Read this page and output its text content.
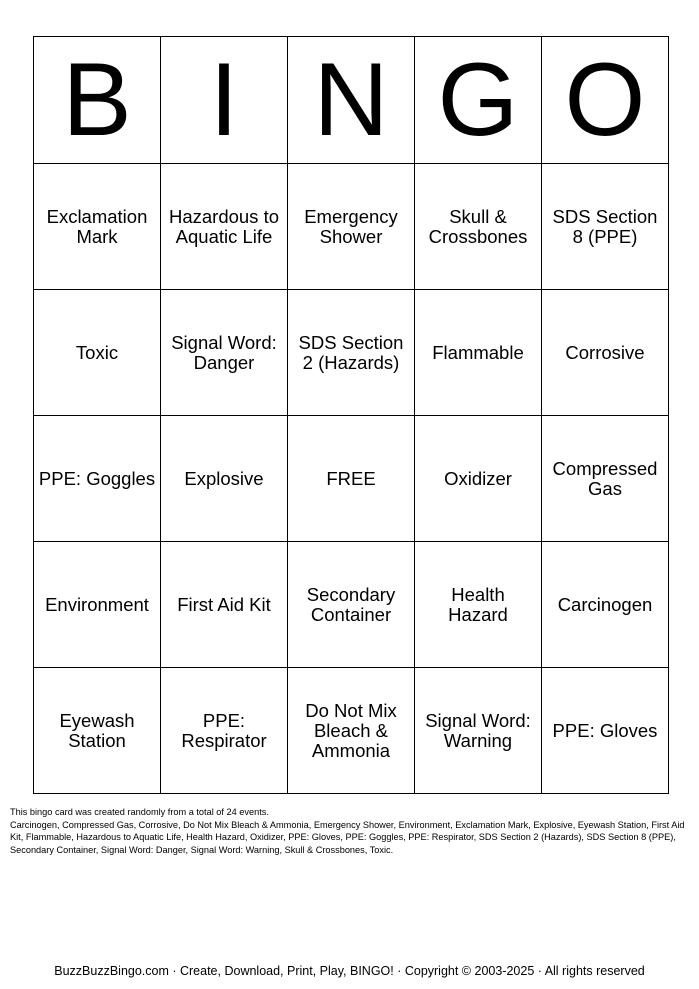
B	I	N	G	O
Exclamation Mark	Hazardous to Aquatic Life	Emergency Shower	Skull & Crossbones	SDS Section 8 (PPE)
Toxic	Signal Word: Danger	SDS Section 2 (Hazards)	Flammable	Corrosive
PPE: Goggles	Explosive	FREE	Oxidizer	Compressed Gas
Environment	First Aid Kit	Secondary Container	Health Hazard	Carcinogen
Eyewash Station	PPE: Respirator	Do Not Mix Bleach & Ammonia	Signal Word: Warning	PPE: Gloves

This bingo card was created randomly from a total of 24 events.

Carcinogen, Compressed Gas, Corrosive, Do Not Mix Bleach & Ammonia, Emergency Shower, Environment, Exclamation Mark, Explosive, Eyewash Station, First Aid Kit, Flammable, Hazardous to Aquatic Life, Health Hazard, Oxidizer, PPE: Gloves, PPE: Goggles, PPE: Respirator, SDS Section 2 (Hazards), SDS Section 8 (PPE), Secondary Container, Signal Word: Danger, Signal Word: Warning, Skull & Crossbones, Toxic.

BuzzBuzzBingo.com · Create, Download, Print, Play, BINGO! · Copyright © 2003-2025 · All rights reserved
